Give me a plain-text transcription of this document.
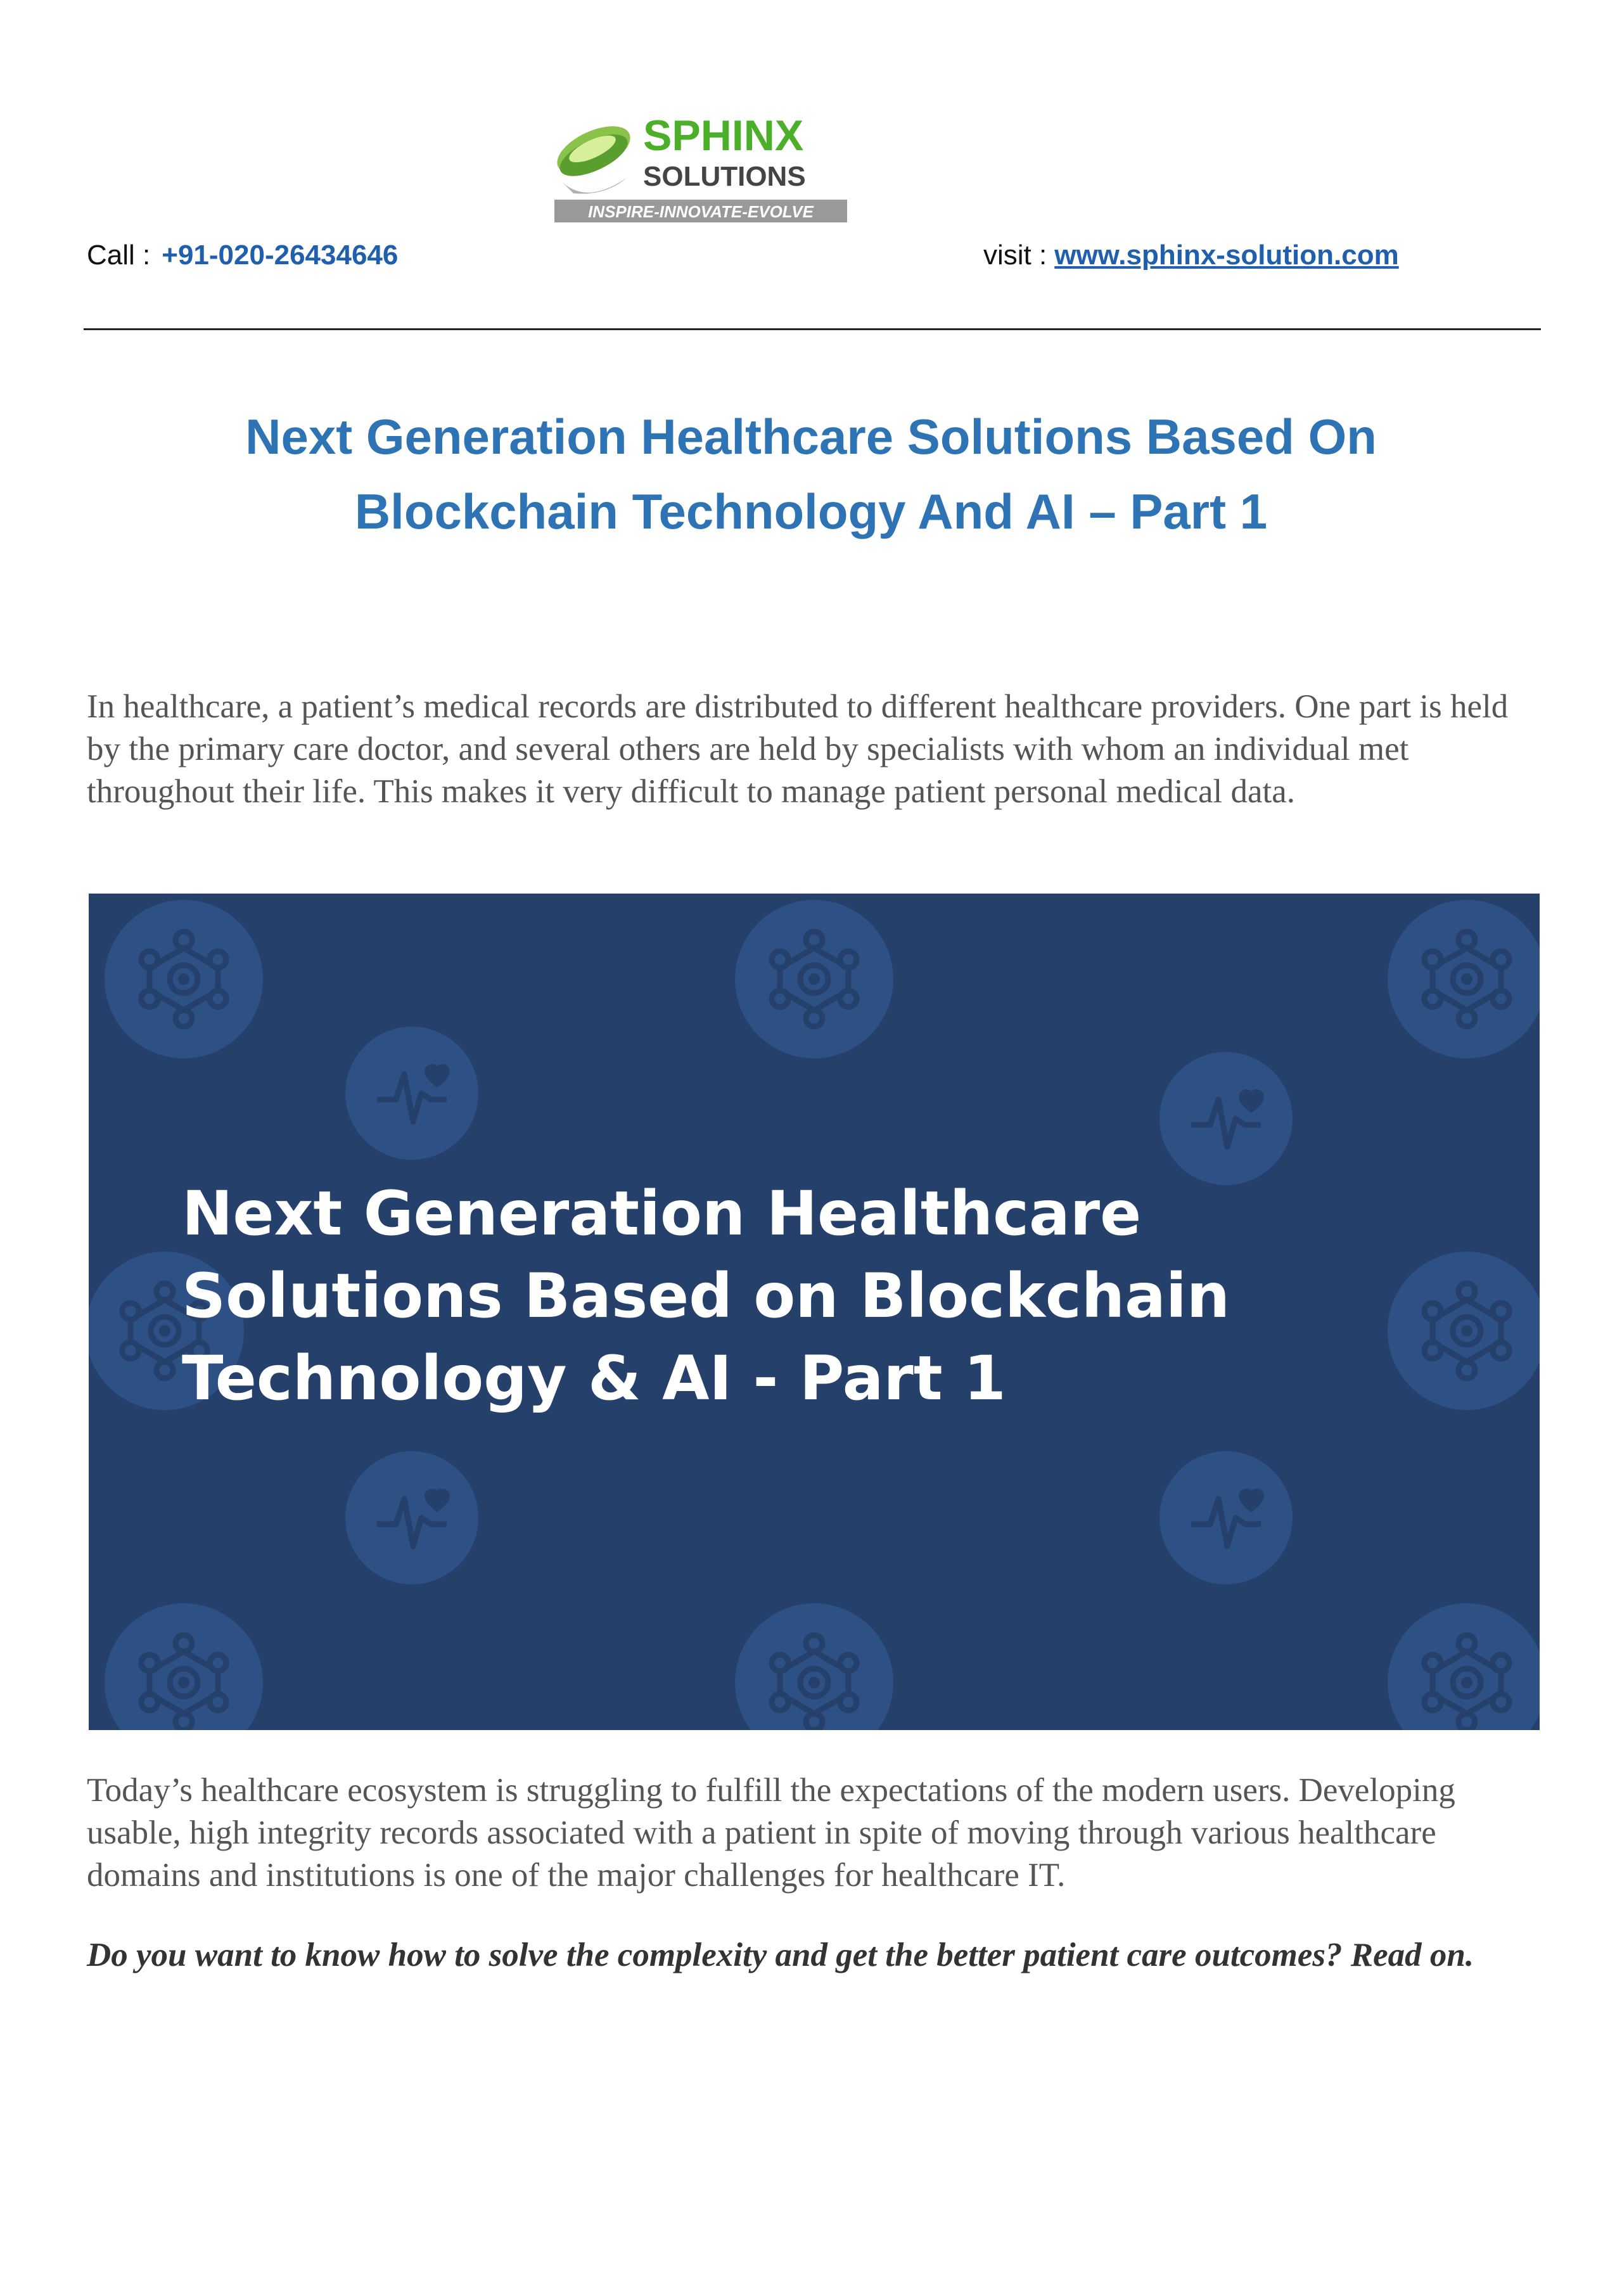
SPHINX
SOLUTIONS
INSPIRE-INNOVATE-EVOLVE
Call : +91-020-26434646	visit : www.sphinx-solution.com
Next Generation Healthcare Solutions Based On
Blockchain Technology And AI – Part 1
In healthcare, a patient’s medical records are distributed to different healthcare providers. One part is held by the primary care doctor, and several others are held by specialists with whom an individual met throughout their life. This makes it very difficult to manage patient personal medical data.
Next Generation Healthcare
Solutions Based on Blockchain
Technology & AI - Part 1
Today’s healthcare ecosystem is struggling to fulfill the expectations of the modern users. Developing usable, high integrity records associated with a patient in spite of moving through various healthcare domains and institutions is one of the major challenges for healthcare IT.
Do you want to know how to solve the complexity and get the better patient care outcomes? Read on.
